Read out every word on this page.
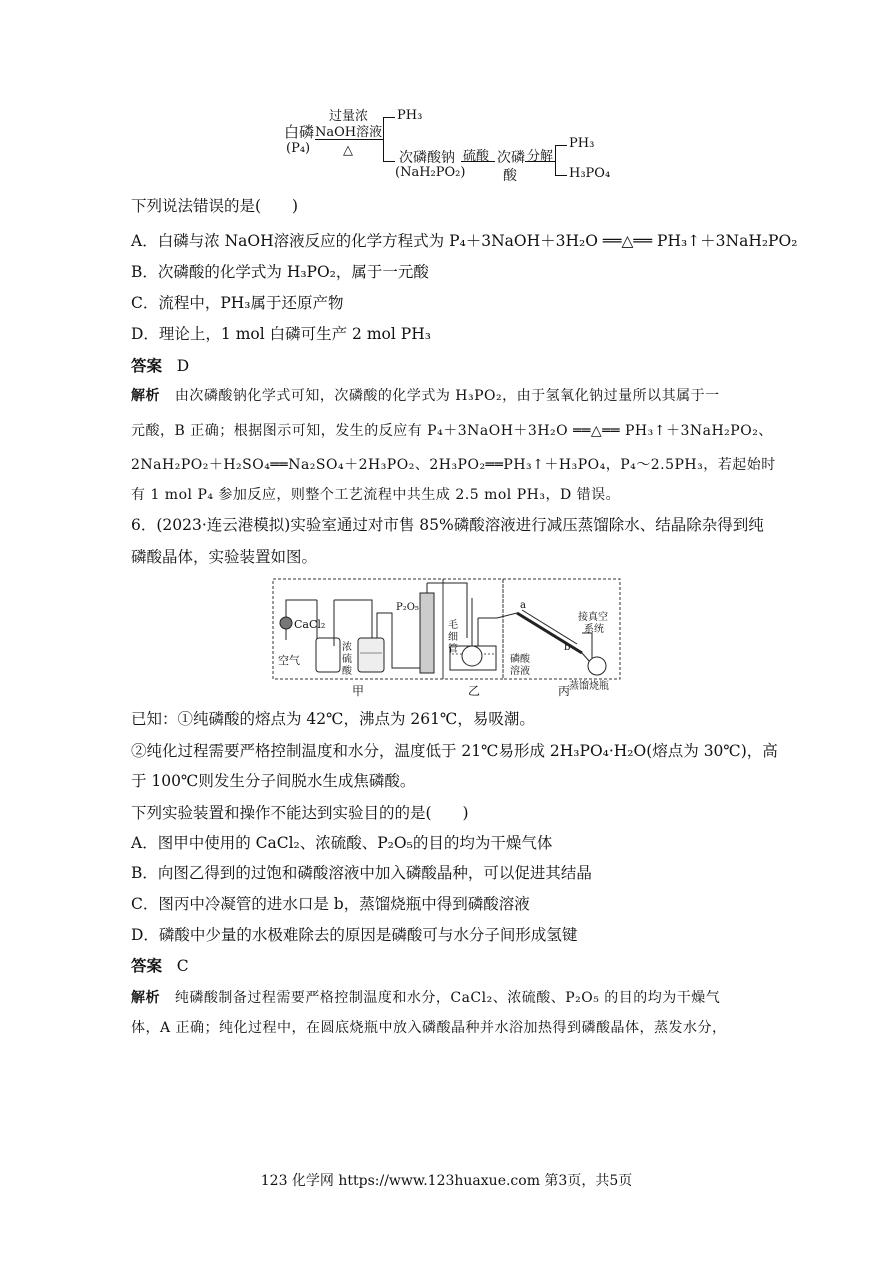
白磷
(P₄)
过量浓
NaOH溶液
△
PH₃
次磷酸钠
(NaH₂PO₂)
硫酸 次磷
酸
分解
PH₃
H₃PO₄
下列说法错误的是(　　)
A．白磷与浓 NaOH溶液反应的化学方程式为 P₄＋3NaOH＋3H₂O ══△══ PH₃↑＋3NaH₂PO₂
B．次磷酸的化学式为 H₃PO₂，属于一元酸
C．流程中，PH₃属于还原产物
D．理论上，1 mol 白磷可生产 2 mol PH₃
答案 D
解析 由次磷酸钠化学式可知，次磷酸的化学式为 H₃PO₂，由于氢氧化钠过量所以其属于一
元酸，B 正确；根据图示可知，发生的反应有 P₄＋3NaOH＋3H₂O ══△══ PH₃↑＋3NaH₂PO₂、
2NaH₂PO₂＋H₂SO₄══Na₂SO₄＋2H₃PO₂、2H₃PO₂══PH₃↑＋H₃PO₄，P₄～2.5PH₃，若起始时
有 1 mol P₄ 参加反应，则整个工艺流程中共生成 2.5 mol PH₃，D 错误。
6．(2023·连云港模拟)实验室通过对市售 85%磷酸溶液进行减压蒸馏除水、结晶除杂得到纯
磷酸晶体，实验装置如图。
CaCl₂
空气
浓
硫
酸
P₂O₅
毛
细
管
磷酸
溶液
a
b
接真空
系统
蒸馏烧瓶
甲	乙	丙
已知：①纯磷酸的熔点为 42℃，沸点为 261℃，易吸潮。
②纯化过程需要严格控制温度和水分，温度低于 21℃易形成 2H₃PO₄·H₂O(熔点为 30℃)，高
于 100℃则发生分子间脱水生成焦磷酸。
下列实验装置和操作不能达到实验目的的是(　　)
A．图甲中使用的 CaCl₂、浓硫酸、P₂O₅的目的均为干燥气体
B．向图乙得到的过饱和磷酸溶液中加入磷酸晶种，可以促进其结晶
C．图丙中冷凝管的进水口是 b，蒸馏烧瓶中得到磷酸溶液
D．磷酸中少量的水极难除去的原因是磷酸可与水分子间形成氢键
答案 C
解析 纯磷酸制备过程需要严格控制温度和水分，CaCl₂、浓硫酸、P₂O₅ 的目的均为干燥气
体，A 正确；纯化过程中，在圆底烧瓶中放入磷酸晶种并水浴加热得到磷酸晶体，蒸发水分，
123 化学网 https://www.123huaxue.com 第3页，共5页
